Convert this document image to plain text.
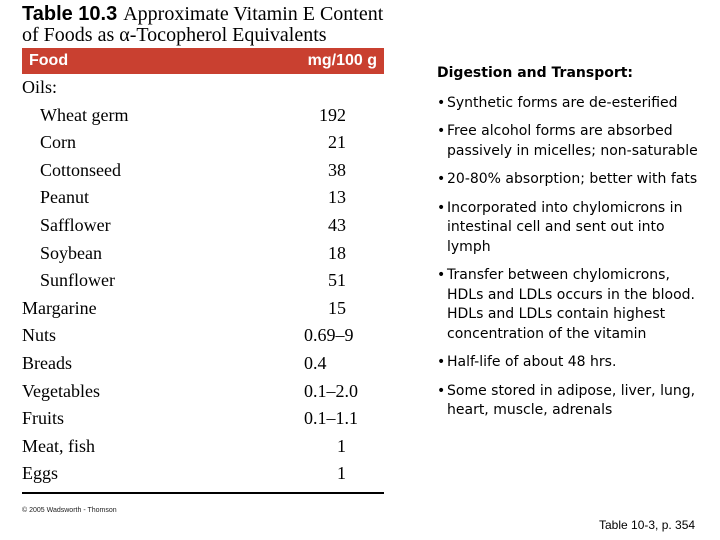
Table 10.3 Approximate Vitamin E Content of Foods as α-Tocopherol Equivalents
Food	mg/100 g
Oils:
Wheat germ	192
Corn	21
Cottonseed	38
Peanut	13
Safflower	43
Soybean	18
Sunflower	51
Margarine	15
Nuts	0.69–9
Breads	0.4
Vegetables	0.1–2.0
Fruits	0.1–1.1
Meat, fish	1
Eggs	1
© 2005 Wadsworth - Thomson
Digestion and Transport:
• Synthetic forms are de-esterified
• Free alcohol forms are absorbed passively in micelles; non-saturable
• 20-80% absorption; better with fats
• Incorporated into chylomicrons in intestinal cell and sent out into lymph
• Transfer between chylomicrons, HDLs and LDLs occurs in the blood. HDLs and LDLs contain highest concentration of the vitamin
• Half-life of about 48 hrs.
• Some stored in adipose, liver, lung, heart, muscle, adrenals
Table 10-3, p. 354
